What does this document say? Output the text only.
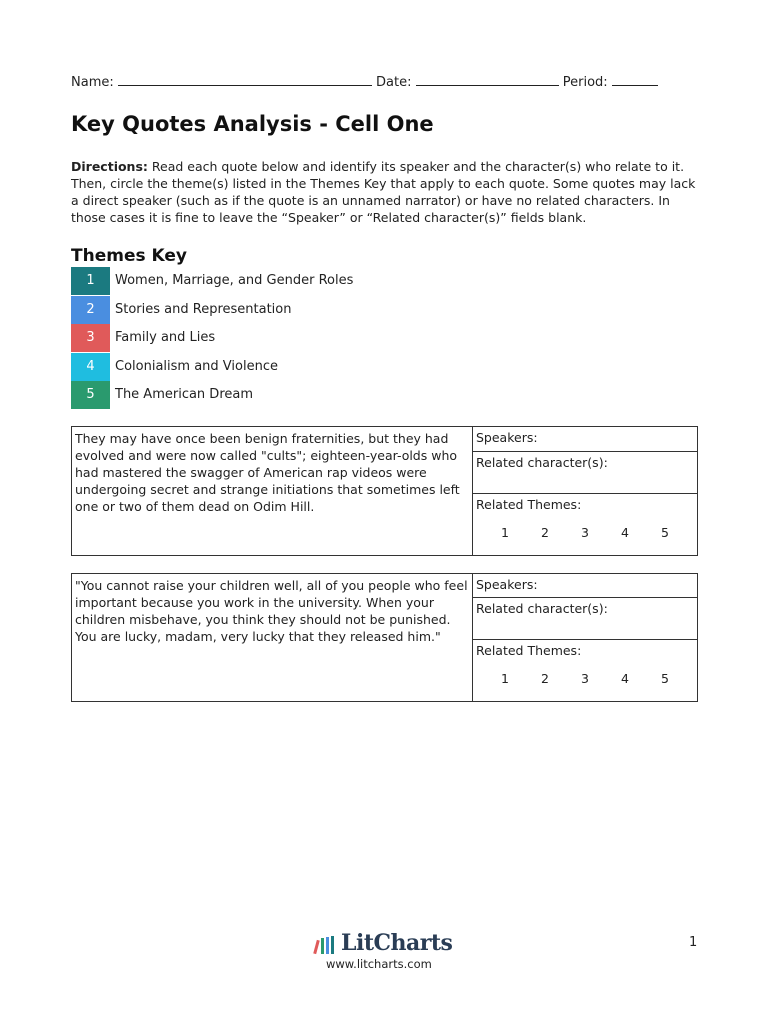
Name:	Date:	Period:
Key Quotes Analysis - Cell One
Directions: Read each quote below and identify its speaker and the character(s) who relate to it. Then, circle the theme(s) listed in the Themes Key that apply to each quote. Some quotes may lack a direct speaker (such as if the quote is an unnamed narrator) or have no related characters. In those cases it is fine to leave the “Speaker” or “Related character(s)” fields blank.
Themes Key
1	Women, Marriage, and Gender Roles
2	Stories and Representation
3	Family and Lies
4	Colonialism and Violence
5	The American Dream
They may have once been benign fraternities, but they had evolved and were now called "cults"; eighteen-year-olds who had mastered the swagger of American rap videos were undergoing secret and strange initiations that sometimes left one or two of them dead on Odim Hill.
Speakers:
Related character(s):
Related Themes:
1	2	3	4	5
"You cannot raise your children well, all of you people who feel important because you work in the university. When your children misbehave, you think they should not be punished. You are lucky, madam, very lucky that they released him."
Speakers:
Related character(s):
Related Themes:
1	2	3	4	5
LitCharts
www.litcharts.com
1
